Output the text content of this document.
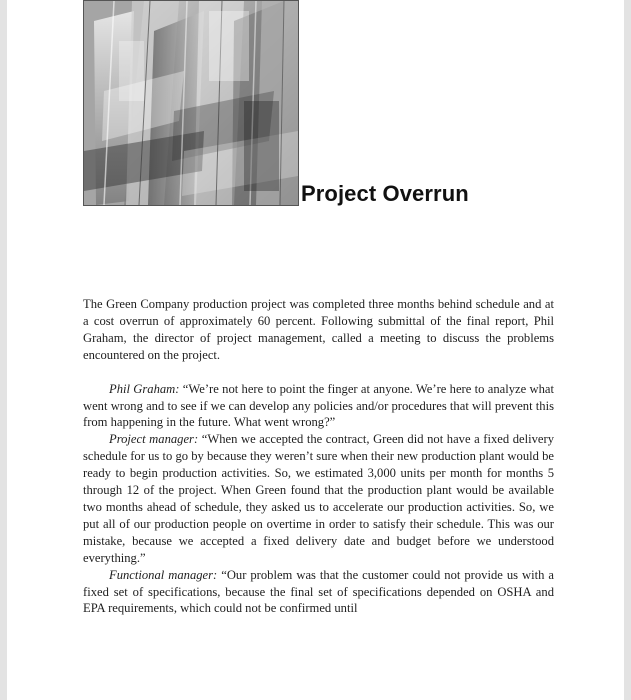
Project Overrun

The Green Company production project was completed three months behind schedule and at a cost overrun of approximately 60 percent. Following submittal of the final report, Phil Graham, the director of project management, called a meeting to discuss the problems encountered on the project.

Phil Graham: “We’re not here to point the finger at anyone. We’re here to analyze what went wrong and to see if we can develop any policies and/or procedures that will prevent this from happening in the future. What went wrong?”

Project manager: “When we accepted the contract, Green did not have a fixed delivery schedule for us to go by because they weren’t sure when their new production plant would be ready to begin production activities. So, we estimated 3,000 units per month for months 5 through 12 of the project. When Green found that the production plant would be available two months ahead of schedule, they asked us to accelerate our production activities. So, we put all of our production people on overtime in order to satisfy their schedule. This was our mistake, because we accepted a fixed delivery date and budget before we understood everything.”

Functional manager: “Our problem was that the customer could not provide us with a fixed set of specifications, because the final set of specifications depended on OSHA and EPA requirements, which could not be confirmed until
